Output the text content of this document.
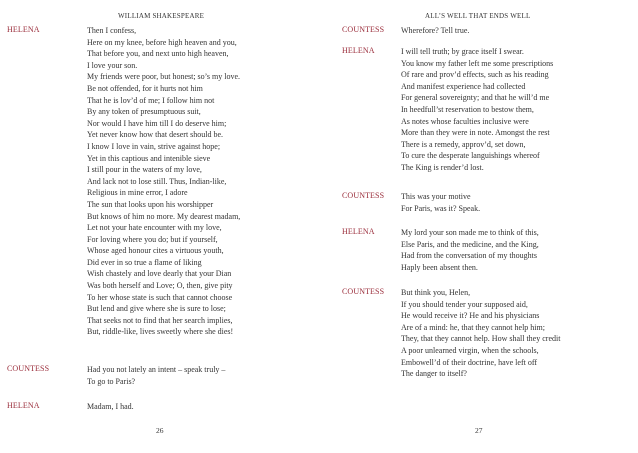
WILLIAM SHAKESPEARE
HELENA	Then I confess,
Here on my knee, before high heaven and you,
That before you, and next unto high heaven,
I love your son.
My friends were poor, but honest; so’s my love.
Be not offended, for it hurts not him
That he is lov’d of me; I follow him not
By any token of presumptuous suit,
Nor would I have him till I do deserve him;
Yet never know how that desert should be.
I know I love in vain, strive against hope;
Yet in this captious and intenible sieve
I still pour in the waters of my love,
And lack not to lose still. Thus, Indian-like,
Religious in mine error, I adore
The sun that looks upon his worshipper
But knows of him no more. My dearest madam,
Let not your hate encounter with my love,
For loving where you do; but if yourself,
Whose aged honour cites a virtuous youth,
Did ever in so true a flame of liking
Wish chastely and love dearly that your Dian
Was both herself and Love; O, then, give pity
To her whose state is such that cannot choose
But lend and give where she is sure to lose;
That seeks not to find that her search implies,
But, riddle-like, lives sweetly where she dies!
COUNTESS	Had you not lately an intent – speak truly –
To go to Paris?
HELENA	Madam, I had.
26
ALL’S WELL THAT ENDS WELL
COUNTESS Wherefore? Tell true.
HELENA	I will tell truth; by grace itself I swear.
You know my father left me some prescriptions
Of rare and prov’d effects, such as his reading
And manifest experience had collected
For general sovereignty; and that he will’d me
In heedfull’st reservation to bestow them,
As notes whose faculties inclusive were
More than they were in note. Amongst the rest
There is a remedy, approv’d, set down,
To cure the desperate languishings whereof
The King is render’d lost.
COUNTESS This was your motive
For Paris, was it? Speak.
HELENA	My lord your son made me to think of this,
Else Paris, and the medicine, and the King,
Had from the conversation of my thoughts
Haply been absent then.
COUNTESS But think you, Helen,
If you should tender your supposed aid,
He would receive it? He and his physicians
Are of a mind: he, that they cannot help him;
They, that they cannot help. How shall they credit
A poor unlearned virgin, when the schools,
Embowell’d of their doctrine, have left off
The danger to itself?
27
